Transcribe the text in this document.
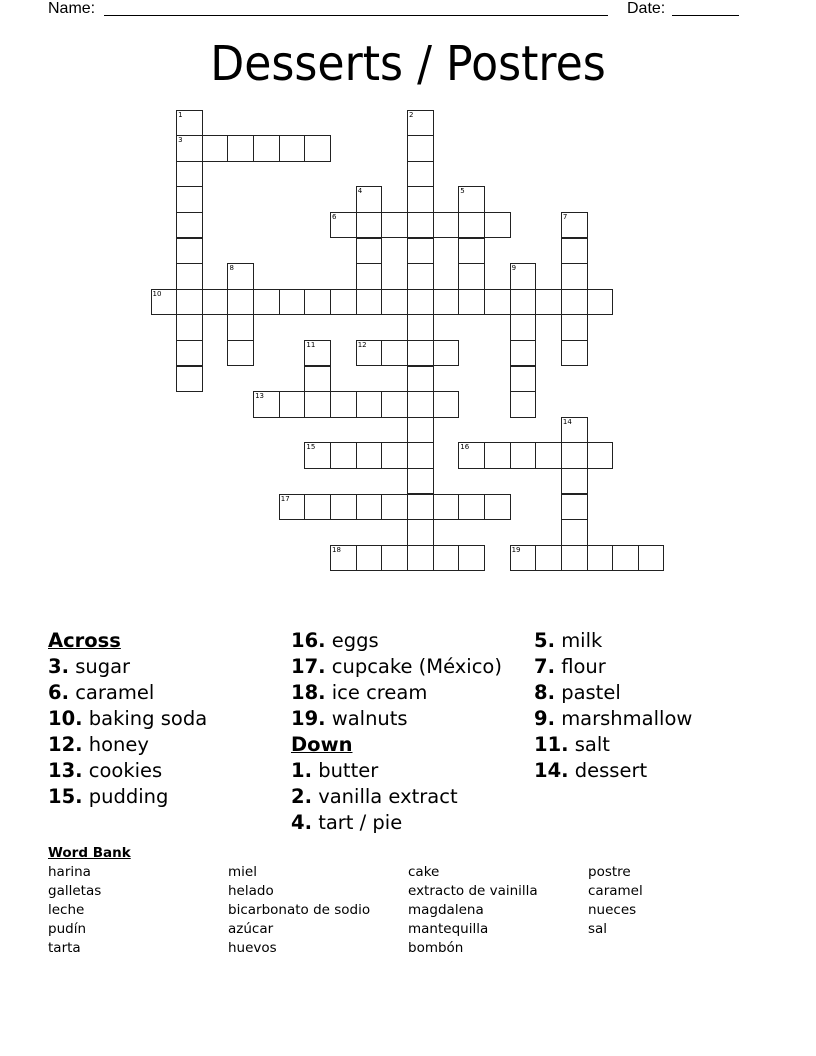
Name:	Date:
Desserts / Postres
1
3
2
4	5
6	7
8	9
10
11	12
13
14
15	16
17
18	19
Across
3. sugar
6. caramel
10. baking soda
12. honey
13. cookies
15. pudding
16. eggs
17. cupcake (México)
18. ice cream
19. walnuts
Down
1. butter
2. vanilla extract
4. tart / pie
5. milk
7. flour
8. pastel
9. marshmallow
11. salt
14. dessert
Word Bank
harina
galletas
leche
pudín
tarta
miel
helado
bicarbonato de sodio
azúcar
huevos
cake
extracto de vainilla
magdalena
mantequilla
bombón
postre
caramel
nueces
sal
